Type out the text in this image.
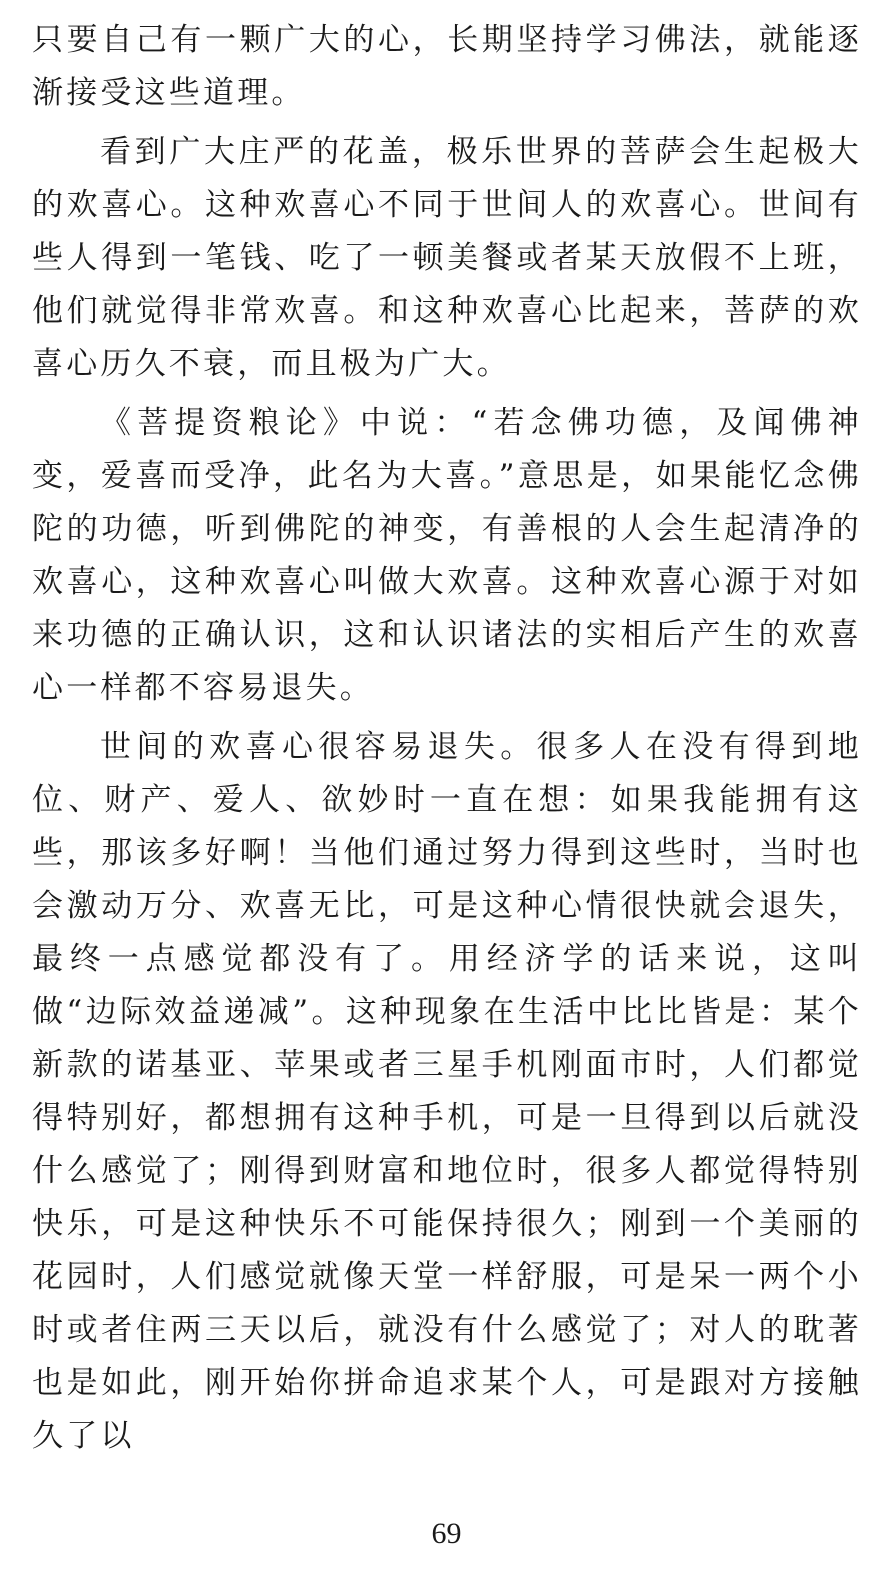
只要自己有一颗广大的心，长期坚持学习佛法，就能逐渐接受这些道理。

看到广大庄严的花盖，极乐世界的菩萨会生起极大的欢喜心。这种欢喜心不同于世间人的欢喜心。世间有些人得到一笔钱、吃了一顿美餐或者某天放假不上班，他们就觉得非常欢喜。和这种欢喜心比起来，菩萨的欢喜心历久不衰，而且极为广大。

《菩提资粮论》中说：“若念佛功德，及闻佛神变，爱喜而受净，此名为大喜。”意思是，如果能忆念佛陀的功德，听到佛陀的神变，有善根的人会生起清净的欢喜心，这种欢喜心叫做大欢喜。这种欢喜心源于对如来功德的正确认识，这和认识诸法的实相后产生的欢喜心一样都不容易退失。

世间的欢喜心很容易退失。很多人在没有得到地位、财产、爱人、欲妙时一直在想：如果我能拥有这些，那该多好啊！当他们通过努力得到这些时，当时也会激动万分、欢喜无比，可是这种心情很快就会退失，最终一点感觉都没有了。用经济学的话来说，这叫做“边际效益递减”。这种现象在生活中比比皆是：某个新款的诺基亚、苹果或者三星手机刚面市时，人们都觉得特别好，都想拥有这种手机，可是一旦得到以后就没什么感觉了；刚得到财富和地位时，很多人都觉得特别快乐，可是这种快乐不可能保持很久；刚到一个美丽的花园时，人们感觉就像天堂一样舒服，可是呆一两个小时或者住两三天以后，就没有什么感觉了；对人的耽著也是如此，刚开始你拼命追求某个人，可是跟对方接触久了以

69
